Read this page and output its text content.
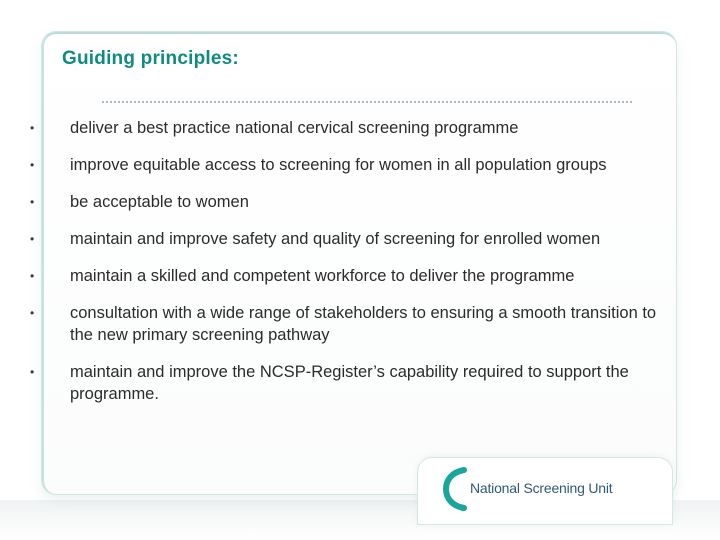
Guiding principles:
•	deliver a best practice national cervical screening programme
•	improve equitable access to screening for women in all population groups
•	be acceptable to women
•	maintain and improve safety and quality of screening for enrolled women
•	maintain a skilled and competent workforce to deliver the programme
•	consultation with a wide range of stakeholders to ensuring a smooth transition to the new primary screening pathway
•	maintain and improve the NCSP-Register’s capability required to support the programme.
National Screening Unit
